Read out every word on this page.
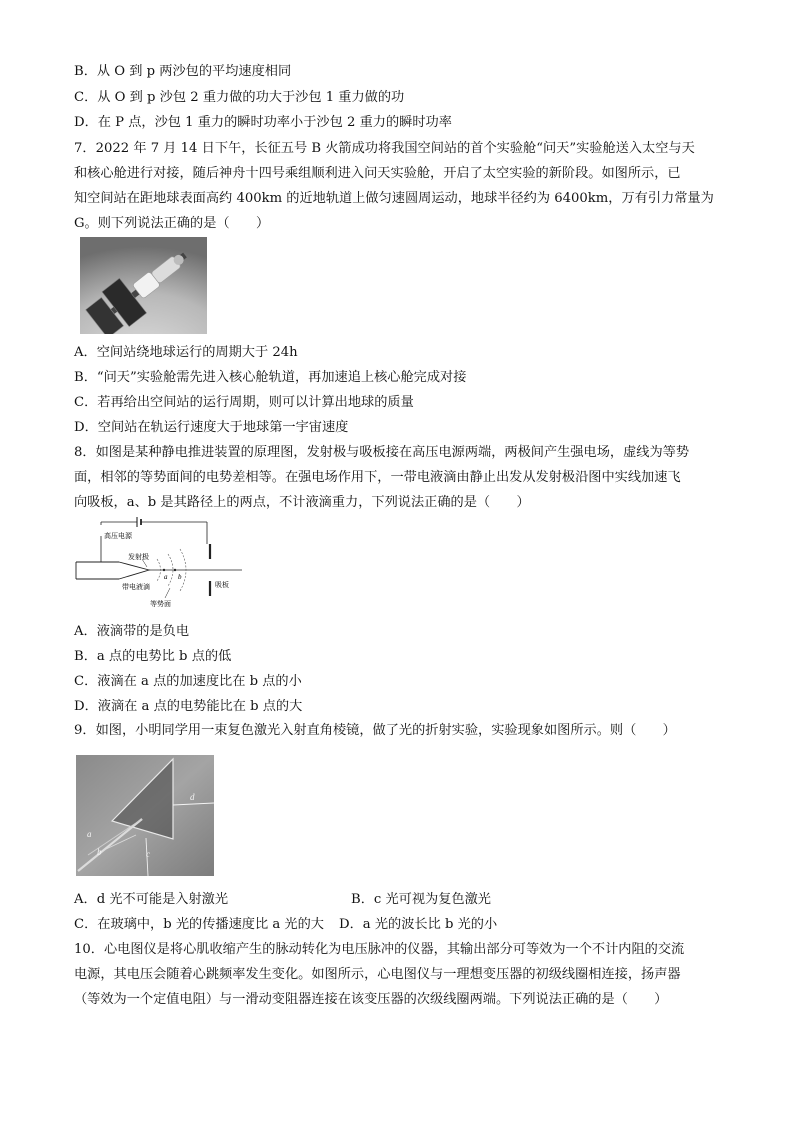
B．从 O 到 p 两沙包的平均速度相同
C．从 O 到 p 沙包 2 重力做的功大于沙包 1 重力做的功
D．在 P 点，沙包 1 重力的瞬时功率小于沙包 2 重力的瞬时功率
7．2022 年 7 月 14 日下午，长征五号 B 火箭成功将我国空间站的首个实验舱“问天”实验舱送入太空与天
和核心舱进行对接，随后神舟十四号乘组顺利进入问天实验舱，开启了太空实验的新阶段。如图所示，已
知空间站在距地球表面高约 400km 的近地轨道上做匀速圆周运动，地球半径约为 6400km，万有引力常量为
G。则下列说法正确的是（　　）
A．空间站绕地球运行的周期大于 24h
B．“问天”实验舱需先进入核心舱轨道，再加速追上核心舱完成对接
C．若再给出空间站的运行周期，则可以计算出地球的质量
D．空间站在轨运行速度大于地球第一宇宙速度
8．如图是某种静电推进装置的原理图，发射极与吸板接在高压电源两端，两极间产生强电场，虚线为等势
面，相邻的等势面间的电势差相等。在强电场作用下，一带电液滴由静止出发从发射极沿图中实线加速飞
向吸板，a、b 是其路径上的两点，不计液滴重力，下列说法正确的是（　　）
高压电源
发射极
带电液滴
a b
吸板
等势面
A．液滴带的是负电
B．a 点的电势比 b 点的低
C．液滴在 a 点的加速度比在 b 点的小
D．液滴在 a 点的电势能比在 b 点的大
9．如图，小明同学用一束复色激光入射直角棱镜，做了光的折射实验，实验现象如图所示。则（　　）
d
a
b	c
A．d 光不可能是入射激光	B．c 光可视为复色激光
C．在玻璃中，b 光的传播速度比 a 光的大 D．a 光的波长比 b 光的小
10．心电图仪是将心肌收缩产生的脉动转化为电压脉冲的仪器，其输出部分可等效为一个不计内阻的交流
电源，其电压会随着心跳频率发生变化。如图所示，心电图仪与一理想变压器的初级线圈相连接，扬声器
（等效为一个定值电阻）与一滑动变阻器连接在该变压器的次级线圈两端。下列说法正确的是（　　）
